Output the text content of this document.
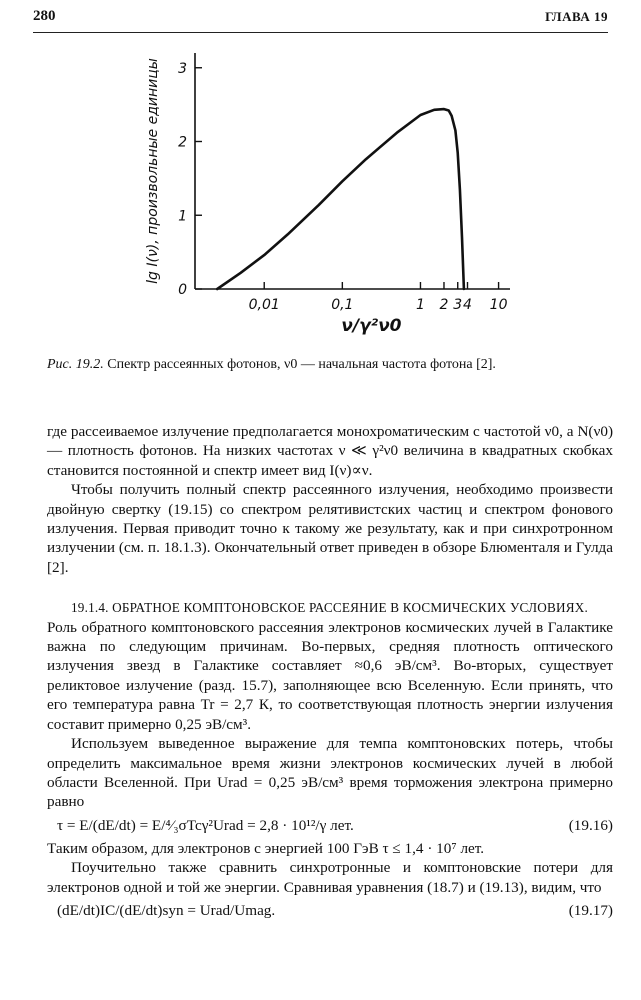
280	ГЛАВА 19
0
1
2
3
0,01	0,1	1 2 3 4 10
ν/γ²ν0
lg I(ν), произвольные единицы
Рис. 19.2. Спектр рассеянных фотонов, ν0 — начальная частота фотона [2].

где рассеиваемое излучение предполагается монохроматическим с частотой ν0, а N(ν0) — плотность фотонов. На низких частотах ν ≪ γ²ν0 величина в квадратных скобках становится постоянной и спектр имеет вид I(ν)∝ν.

Чтобы получить полный спектр рассеянного излучения, необходимо произвести двойную свертку (19.15) со спектром релятивистских частиц и спектром фонового излучения. Первая приводит точно к такому же результату, как и при синхротронном излучении (см. п. 18.1.3). Окончательный ответ приведен в обзоре Блюменталя и Гулда [2].

19.1.4. ОБРАТНОЕ КОМПТОНОВСКОЕ РАССЕЯНИЕ В КОСМИЧЕСКИХ УСЛОВИЯХ.

Роль обратного комптоновского рассеяния электронов космических лучей в Галактике важна по следующим причинам. Во-первых, средняя плотность оптического излучения звезд в Галактике составляет ≈0,6 эВ/см³. Во-вторых, существует реликтовое излучение (разд. 15.7), заполняющее всю Вселенную. Если принять, что его температура равна Tr = 2,7 К, то соответствующая плотность энергии излучения составит примерно 0,25 эВ/см³.

Используем выведенное выражение для темпа комптоновских потерь, чтобы определить максимальное время жизни электронов космических лучей в любой области Вселенной. При Urad = 0,25 эВ/см³ время торможения электрона примерно равно

τ = E/(dE/dt) = E/⁴⁄₃σTcγ²Urad = 2,8 · 10¹²/γ лет.	(19.16)

Таким образом, для электронов с энергией 100 ГэВ τ ≤ 1,4 · 10⁷ лет.

Поучительно также сравнить синхротронные и комптоновские потери для электронов одной и той же энергии. Сравнивая уравнения (18.7) и (19.13), видим, что

(dE/dt)IC/(dE/dt)syn = Urad/Umag.	(19.17)
